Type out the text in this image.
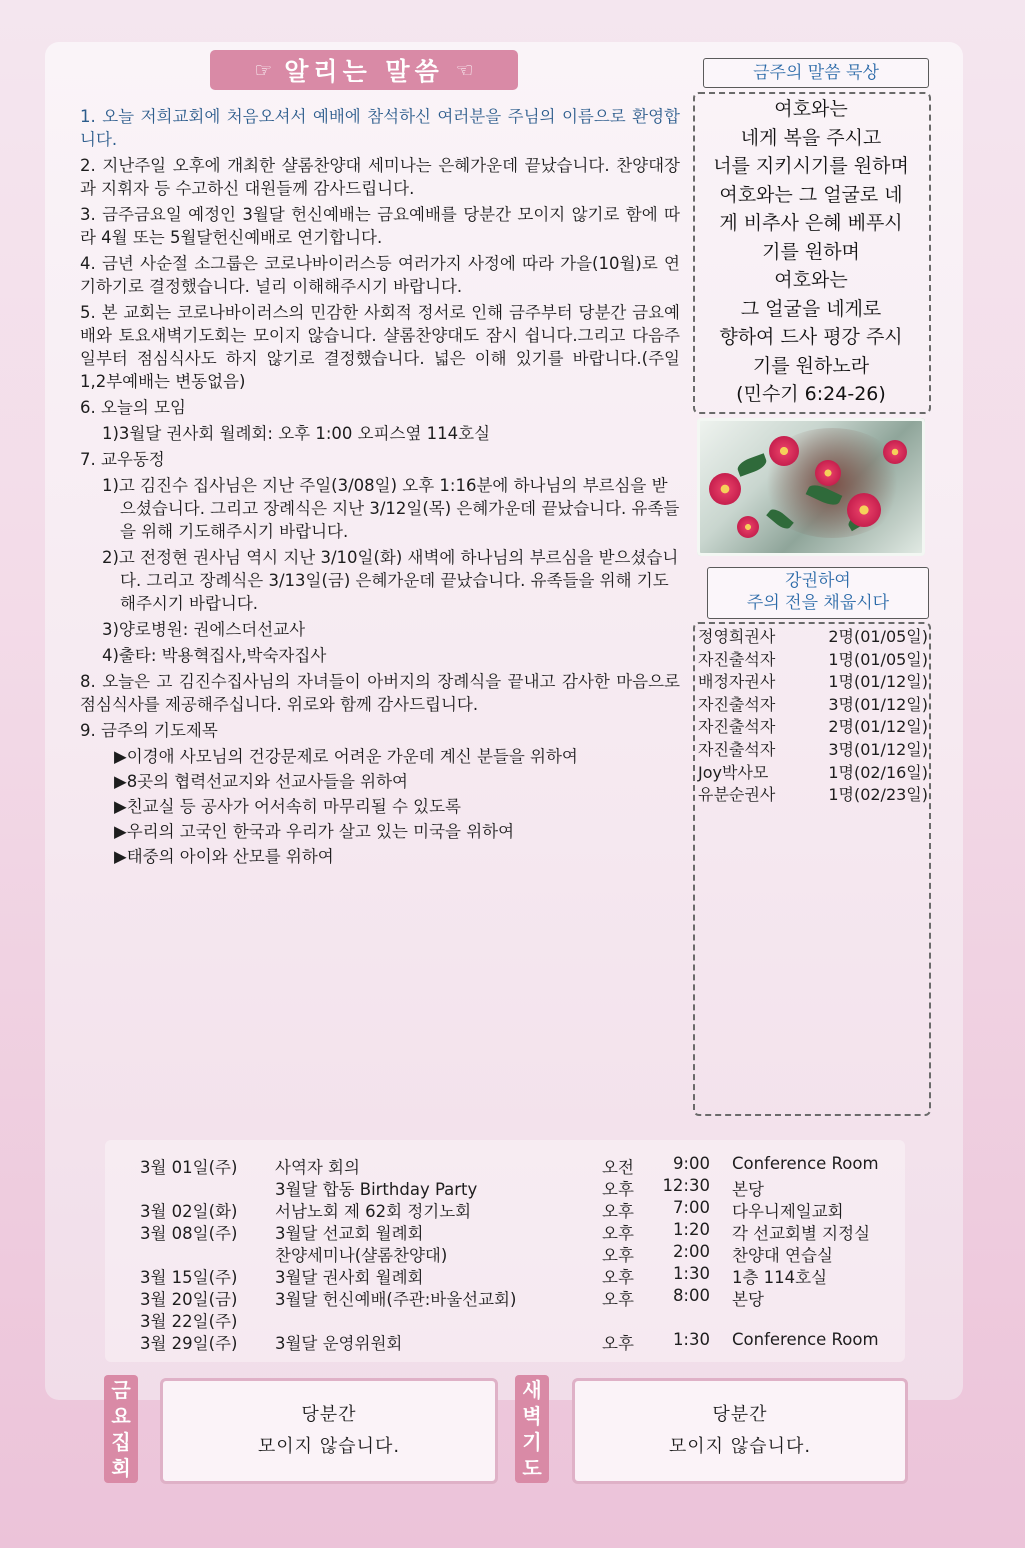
☞ 알리는 말씀 ☜
1. 오늘 저희교회에 처음오셔서 예배에 참석하신 여러분을 주님의 이름으로 환영합니다.
2. 지난주일 오후에 개최한 샬롬찬양대 세미나는 은혜가운데 끝났습니다. 찬양대장과 지휘자 등 수고하신 대원들께 감사드립니다.
3. 금주금요일 예정인 3월달 헌신예배는 금요예배를 당분간 모이지 않기로 함에 따라 4월 또는 5월달헌신예배로 연기합니다.
4. 금년 사순절 소그룹은 코로나바이러스등 여러가지 사정에 따라 가을(10월)로 연기하기로 결정했습니다. 널리 이해해주시기 바랍니다.
5. 본 교회는 코로나바이러스의 민감한 사회적 정서로 인해 금주부터 당분간 금요예배와 토요새벽기도회는 모이지 않습니다. 샬롬찬양대도 잠시 쉽니다.그리고 다음주일부터 점심식사도 하지 않기로 결정했습니다. 넓은 이해 있기를 바랍니다.(주일 1,2부예배는 변동없음)
6. 오늘의 모임
1)3월달 권사회 월례회: 오후 1:00 오피스옆 114호실
7. 교우동정
1)고 김진수 집사님은 지난 주일(3/08일) 오후 1:16분에 하나님의 부르심을 받으셨습니다. 그리고 장례식은 지난 3/12일(목) 은혜가운데 끝났습니다. 유족들을 위해 기도해주시기 바랍니다.
2)고 전정현 권사님 역시 지난 3/10일(화) 새벽에 하나님의 부르심을 받으셨습니다. 그리고 장례식은 3/13일(금) 은혜가운데 끝났습니다. 유족들을 위해 기도해주시기 바랍니다.
3)양로병원: 권에스더선교사
4)출타: 박용혁집사,박숙자집사
8. 오늘은 고 김진수집사님의 자녀들이 아버지의 장례식을 끝내고 감사한 마음으로 점심식사를 제공해주십니다. 위로와 함께 감사드립니다.
9. 금주의 기도제목
▶이경애 사모님의 건강문제로 어려운 가운데 계신 분들을 위하여
▶8곳의 협력선교지와 선교사들을 위하여
▶친교실 등 공사가 어서속히 마무리될 수 있도록
▶우리의 고국인 한국과 우리가 살고 있는 미국을 위하여
▶태중의 아이와 산모를 위하여
금주의 말씀 묵상
여호와는
네게 복을 주시고
너를 지키시기를 원하며
여호와는 그 얼굴로 네
게 비추사 은혜 베푸시
기를 원하며
여호와는
그 얼굴을 네게로
향하여 드사 평강 주시
기를 원하노라
(민수기 6:24-26)
강권하여
주의 전을 채웁시다
정영희권사	2명(01/05일)
자진출석자	1명(01/05일)
배정자권사	1명(01/12일)
자진출석자	3명(01/12일)
자진출석자	2명(01/12일)
자진출석자	3명(01/12일)
Joy박사모	1명(02/16일)
유분순권사	1명(02/23일)
3월 01일(주) 사역자 회의	오전	9:00 Conference Room
3월달 합동 Birthday Party	오후 12:30 본당
3월 02일(화) 서남노회 제 62회 정기노회	오후	7:00 다우니제일교회
3월 08일(주) 3월달 선교회 월례회	오후	1:20 각 선교회별 지정실
찬양세미나(샬롬찬양대)	오후	2:00 찬양대 연습실
3월 15일(주) 3월달 권사회 월례회	오후	1:30 1층 114호실
3월 20일(금) 3월달 헌신예배(주관:바울선교회)	오후	8:00 본당
3월 22일(주)
3월 29일(주) 3월달 운영위원회	오후	1:30 Conference Room
금
요
집
회
당분간
모이지 않습니다.
새
벽
기
도
당분간
모이지 않습니다.
